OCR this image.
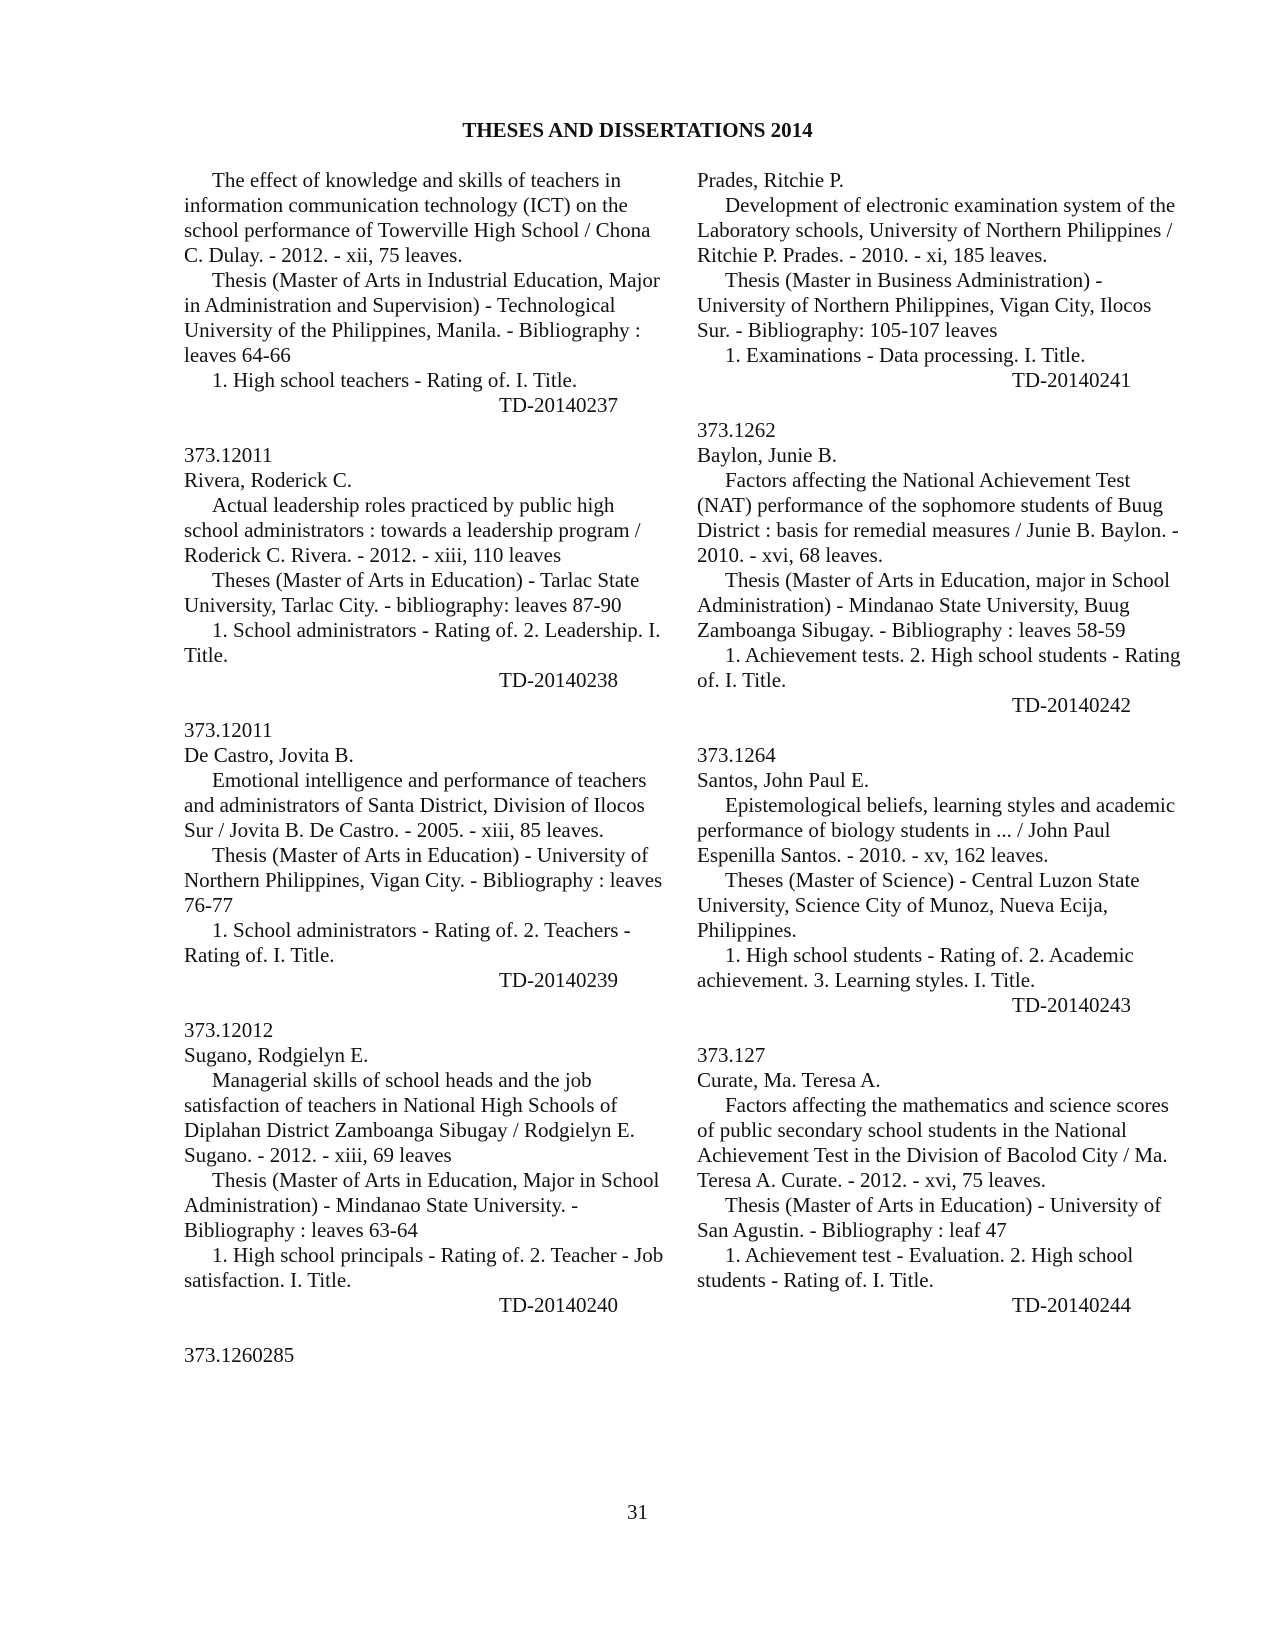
THESES AND DISSERTATIONS 2014

The effect of knowledge and skills of teachers in information communication technology (ICT) on the school performance of Towerville High School / Chona C. Dulay. - 2012. - xii, 75 leaves.

Thesis (Master of Arts in Industrial Education, Major in Administration and Supervision) - Technological University of the Philippines, Manila. - Bibliography : leaves 64-66

1. High school teachers - Rating of. I. Title.

TD-20140237

373.12011

Rivera, Roderick C.

Actual leadership roles practiced by public high school administrators : towards a leadership program / Roderick C. Rivera. - 2012. - xiii, 110 leaves

Theses (Master of Arts in Education) - Tarlac State University, Tarlac City. - bibliography: leaves 87-90

1. School administrators - Rating of. 2. Leadership. I. Title.

TD-20140238

373.12011

De Castro, Jovita B.

Emotional intelligence and performance of teachers and administrators of Santa District, Division of Ilocos Sur / Jovita B. De Castro. - 2005. - xiii, 85 leaves.

Thesis (Master of Arts in Education) - University of Northern Philippines, Vigan City. - Bibliography : leaves 76-77

1. School administrators - Rating of. 2. Teachers - Rating of. I. Title.

TD-20140239

373.12012

Sugano, Rodgielyn E.

Managerial skills of school heads and the job satisfaction of teachers in National High Schools of Diplahan District Zamboanga Sibugay / Rodgielyn E. Sugano. - 2012. - xiii, 69 leaves

Thesis (Master of Arts in Education, Major in School Administration) - Mindanao State University. - Bibliography : leaves 63-64

1. High school principals - Rating of. 2. Teacher - Job satisfaction. I. Title.

TD-20140240

373.1260285

Prades, Ritchie P.

Development of electronic examination system of the Laboratory schools, University of Northern Philippines / Ritchie P. Prades. - 2010. - xi, 185 leaves.

Thesis (Master in Business Administration) - University of Northern Philippines, Vigan City, Ilocos Sur. - Bibliography: 105-107 leaves

1. Examinations - Data processing. I. Title.

TD-20140241

373.1262

Baylon, Junie B.

Factors affecting the National Achievement Test (NAT) performance of the sophomore students of Buug District : basis for remedial measures / Junie B. Baylon. - 2010. - xvi, 68 leaves.

Thesis (Master of Arts in Education, major in School Administration) - Mindanao State University, Buug Zamboanga Sibugay. - Bibliography : leaves 58-59

1. Achievement tests. 2. High school students - Rating of. I. Title.

TD-20140242

373.1264

Santos, John Paul E.

Epistemological beliefs, learning styles and academic performance of biology students in ... / John Paul Espenilla Santos. - 2010. - xv, 162 leaves.

Theses (Master of Science) - Central Luzon State University, Science City of Munoz, Nueva Ecija, Philippines.

1. High school students - Rating of. 2. Academic achievement. 3. Learning styles. I. Title.

TD-20140243

373.127

Curate, Ma. Teresa A.

Factors affecting the mathematics and science scores of public secondary school students in the National Achievement Test in the Division of Bacolod City / Ma. Teresa A. Curate. - 2012. - xvi, 75 leaves.

Thesis (Master of Arts in Education) - University of San Agustin. - Bibliography : leaf 47

1. Achievement test - Evaluation. 2. High school students - Rating of. I. Title.

TD-20140244
31
